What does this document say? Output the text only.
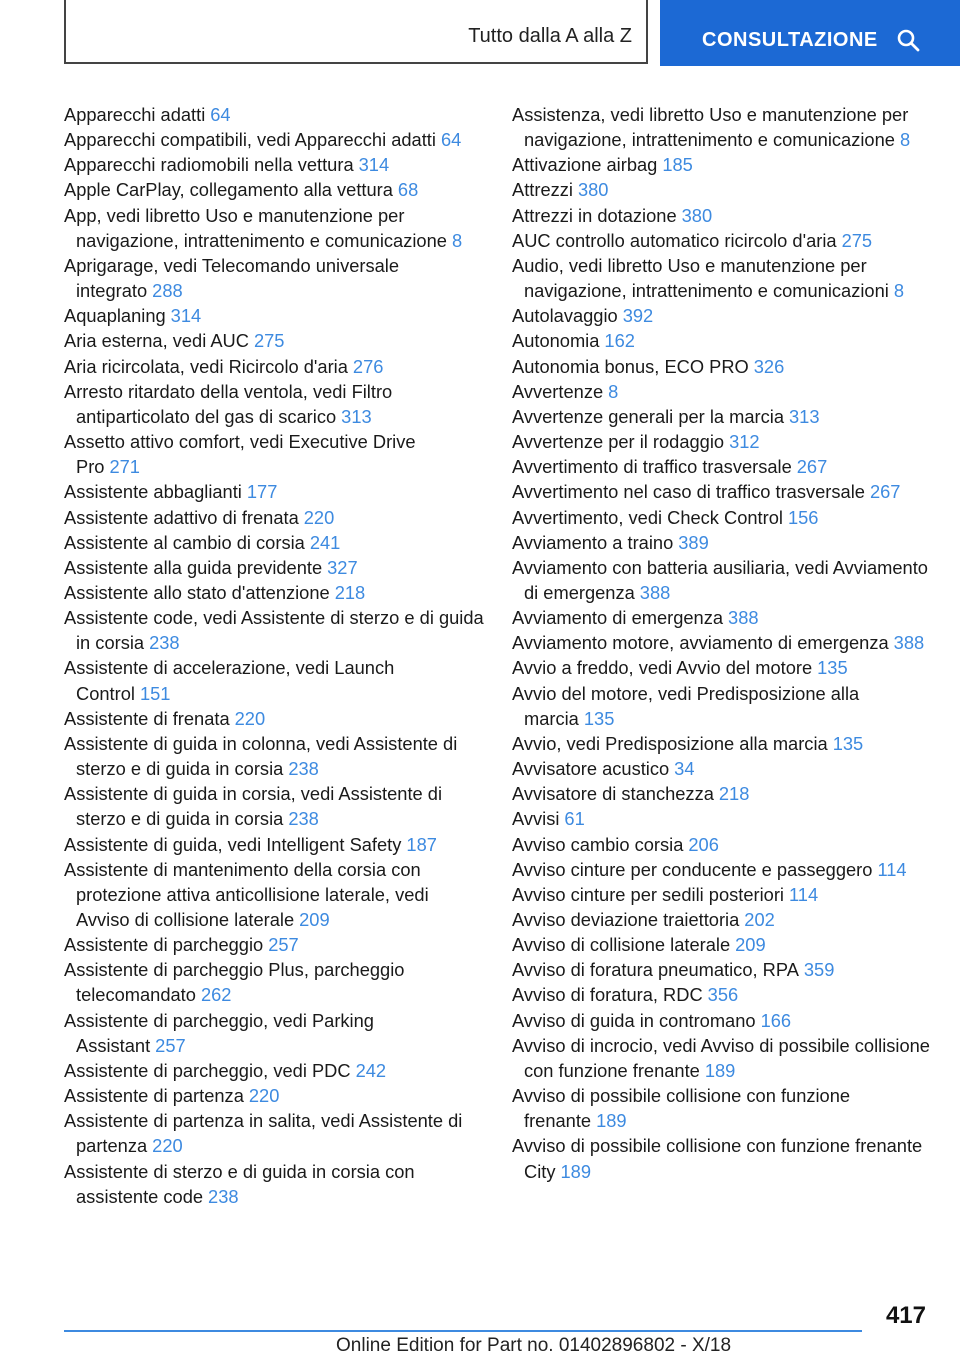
Tutto dalla A alla Z	CONSULTAZIONE
Apparecchi adatti 64
Apparecchi compatibili, vedi Apparecchi adatti 64
Apparecchi radiomobili nella vettura 314
Apple CarPlay, collegamento alla vettura 68
App, vedi libretto Uso e manutenzione per navigazione, intrattenimento e comunicazione 8
Aprigarage, vedi Telecomando universale integrato 288
Aquaplaning 314
Aria esterna, vedi AUC 275
Aria ricircolata, vedi Ricircolo d'aria 276
Arresto ritardato della ventola, vedi Filtro antiparticolato del gas di scarico 313
Assetto attivo comfort, vedi Executive Drive Pro 271
Assistente abbaglianti 177
Assistente adattivo di frenata 220
Assistente al cambio di corsia 241
Assistente alla guida previdente 327
Assistente allo stato d'attenzione 218
Assistente code, vedi Assistente di sterzo e di guida in corsia 238
Assistente di accelerazione, vedi Launch Control 151
Assistente di frenata 220
Assistente di guida in colonna, vedi Assistente di sterzo e di guida in corsia 238
Assistente di guida in corsia, vedi Assistente di sterzo e di guida in corsia 238
Assistente di guida, vedi Intelligent Safety 187
Assistente di mantenimento della corsia con protezione attiva anticollisione laterale, vedi Avviso di collisione laterale 209
Assistente di parcheggio 257
Assistente di parcheggio Plus, parcheggio telecomandato 262
Assistente di parcheggio, vedi Parking Assistant 257
Assistente di parcheggio, vedi PDC 242
Assistente di partenza 220
Assistente di partenza in salita, vedi Assistente di partenza 220
Assistente di sterzo e di guida in corsia con assistente code 238
Assistenza, vedi libretto Uso e manutenzione per navigazione, intrattenimento e comunicazione 8
Attivazione airbag 185
Attrezzi 380
Attrezzi in dotazione 380
AUC controllo automatico ricircolo d'aria 275
Audio, vedi libretto Uso e manutenzione per navigazione, intrattenimento e comunicazioni 8
Autolavaggio 392
Autonomia 162
Autonomia bonus, ECO PRO 326
Avvertenze 8
Avvertenze generali per la marcia 313
Avvertenze per il rodaggio 312
Avvertimento di traffico trasversale 267
Avvertimento nel caso di traffico trasversale 267
Avvertimento, vedi Check Control 156
Avviamento a traino 389
Avviamento con batteria ausiliaria, vedi Avviamento di emergenza 388
Avviamento di emergenza 388
Avviamento motore, avviamento di emergenza 388
Avvio a freddo, vedi Avvio del motore 135
Avvio del motore, vedi Predisposizione alla marcia 135
Avvio, vedi Predisposizione alla marcia 135
Avvisatore acustico 34
Avvisatore di stanchezza 218
Avvisi 61
Avviso cambio corsia 206
Avviso cinture per conducente e passeggero 114
Avviso cinture per sedili posteriori 114
Avviso deviazione traiettoria 202
Avviso di collisione laterale 209
Avviso di foratura pneumatico, RPA 359
Avviso di foratura, RDC 356
Avviso di guida in contromano 166
Avviso di incrocio, vedi Avviso di possibile collisione con funzione frenante 189
Avviso di possibile collisione con funzione frenante 189
Avviso di possibile collisione con funzione frenante City 189
417
Online Edition for Part no. 01402896802 - X/18
